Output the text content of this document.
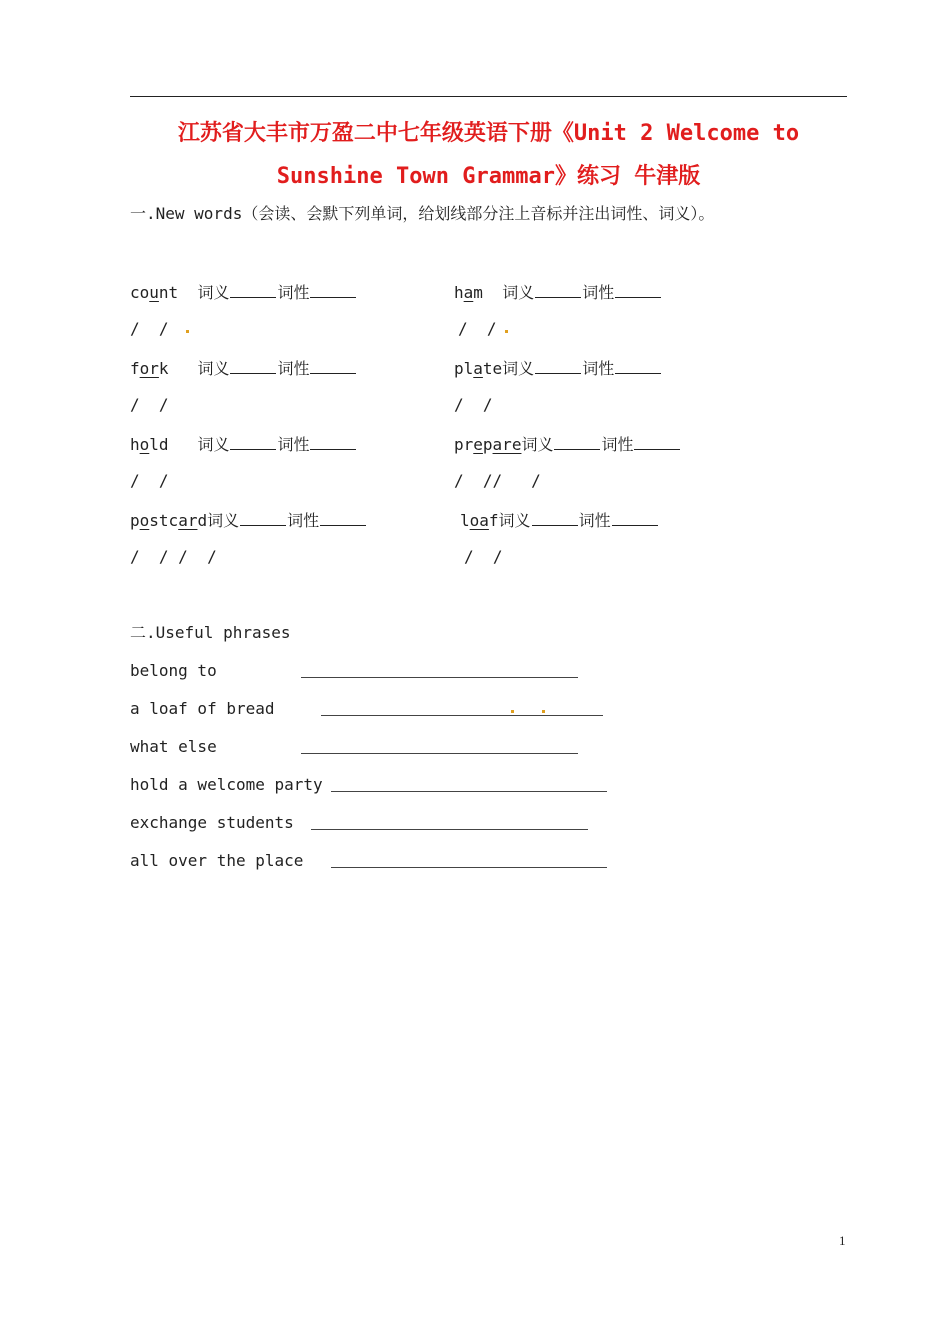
江苏省大丰市万盈二中七年级英语下册《Unit 2 Welcome to
Sunshine Town Grammar》练习 牛津版
一.New words（会读、会默下列单词，给划线部分注上音标并注出词性、词义）。
count 词义	词性	ham 词义	词性
/  /	/  /
fork 词义	词性	plate词义	词性
/  /	/  /
hold 词义	词性	prepare词义	词性
/  /	/  //   /
postcard词义	词性	loaf词义	词性
/  / /  /	/  /
二.Useful phrases
belong to
a loaf of bread
what else
hold a welcome party
exchange students
all over the place
1
